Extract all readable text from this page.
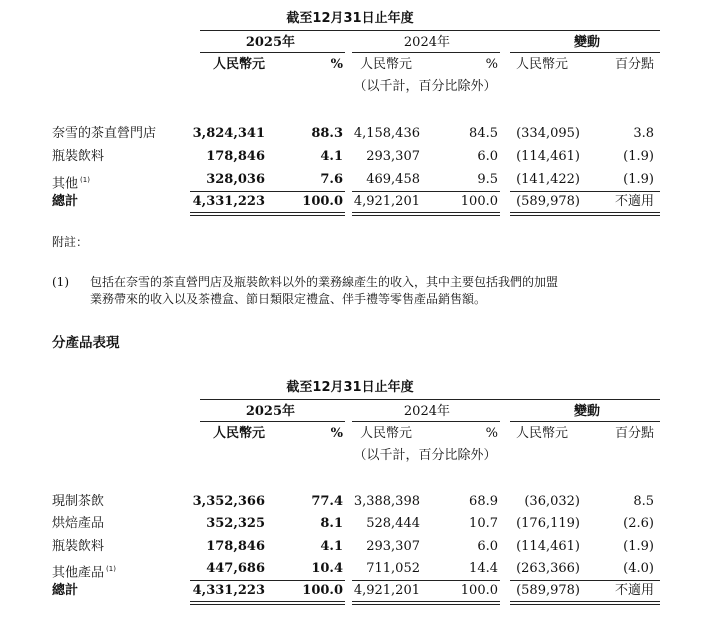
截至12月31日止年度
2025年	2024年	變動
人民幣元	% 人民幣元	% 人民幣元	百分點
（以千計，百分比除外）
奈雪的茶直營門店	3,824,341	88.3 4,158,436	84.5	(334,095)	3.8
瓶裝飲料	178,846	4.1	293,307	6.0	(114,461)	(1.9)
其他 $^{(1)}$	328,036	7.6	469,458	9.5	(141,422)	(1.9)
總計	4,331,223	100.0 4,921,201	100.0	(589,978)	不適用
附註：
(1) 包括在奈雪的茶直營門店及瓶裝飲料以外的業務線產生的收入，其中主要包括我們的加盟
業務帶來的收入以及茶禮盒、節日類限定禮盒、伴手禮等零售產品銷售額。
分產品表現
截至12月31日止年度
2025年	2024年	變動
人民幣元	% 人民幣元	% 人民幣元	百分點
（以千計，百分比除外）
現制茶飲	3,352,366	77.4 3,388,398	68.9	(36,032)	8.5
烘焙產品	352,325	8.1	528,444	10.7	(176,119)	(2.6)
瓶裝飲料	178,846	4.1	293,307	6.0	(114,461)	(1.9)
其他產品 $^{(1)}$	447,686	10.4	711,052	14.4	(263,366)	(4.0)
總計	4,331,223	100.0 4,921,201	100.0	(589,978)	不適用
